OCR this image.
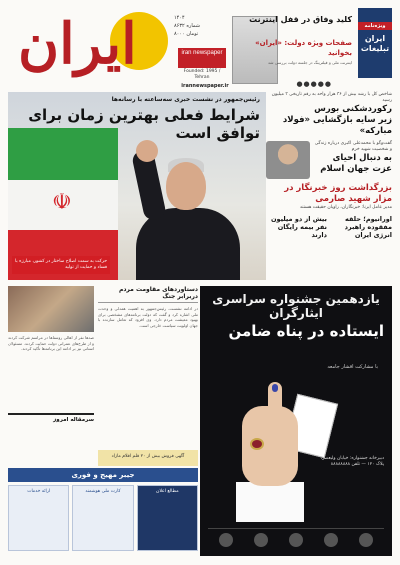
ایران	۱۴۰۴
شماره ۸۶۳۲
۸۰۰۰ تومان
iran newspaper
Founded: 1995 / Tehran
irannewspaper.ir
کلید وفاق در قفل اینترنت
صفحات ویژه دولت: «ایران» بخوانید
اینترنت ملی و فیلترینگ در جلسه دولت بررسی شد
●●●●●
ویژه‌نامه
ایران تبلیغات
☫
رئیس‌جمهور در نشست خبری سه‌ساعته با رسانه‌ها
شرایط فعلی بهترین زمان برای توافق است
حرکت به سمت اصلاح ساختار در کشور، مبارزه با فساد و حمایت از تولید
شاخص کل با رشد بیش از ۳۶ هزار واحد به رقم تاریخی ۳ میلیون رسید
رکوردشکنی بورس
زیر سایه بازگشایی «فولاد مبارکه»
گفت‌وگو با محمدعلی اکبری درباره زندگی و شخصیت شهید خرم
به دنبال احیای عزت جهان اسلام
بزرگداشت روز خبرنگار در مزار شهید صارمی
مدیر عامل ایرنا: خبرنگاران، راویان حقیقت هستند
اورانیوم؛ حلقه مفقوده راهبرد انرژی ایران
بیش از دو میلیون نفر بیمه‌ رایگان دارند
صدها نفر از اهالی روستاها در مراسم شرکت کردند و از طرح‌های عمرانی دولت حمایت کردند. مسئولان استانی نیز بر ادامه این برنامه‌ها تأکید کردند.
سرمقاله امروز
دستاوردهای مقاومت مردم دربرابر جنگ
در ادامه نشست، رئیس‌جمهور به اهمیت همدلی و وحدت ملی اشاره کرد و گفت که دولت برنامه‌های مشخصی برای بهبود معیشت مردم دارد. وی افزود که تعامل سازنده با جهان اولویت سیاست خارجی است.
آگهی فروش بیش از ۲۰ قلم اقلام مازاد
جیبر مهیج و فوری
مطالع اعلان
کارت ملی هوشمند
ارائه خدمات
یازدهمین جشنواره سراسری ایثارگران
ایستاده در پناه ضامن
با مشارکت اقشار جامعه
دبیرخانه جشنواره: خیابان ولیعصر، پلاک ۱۲۰ — تلفن ۸۸۸۸۸۸۸۸
